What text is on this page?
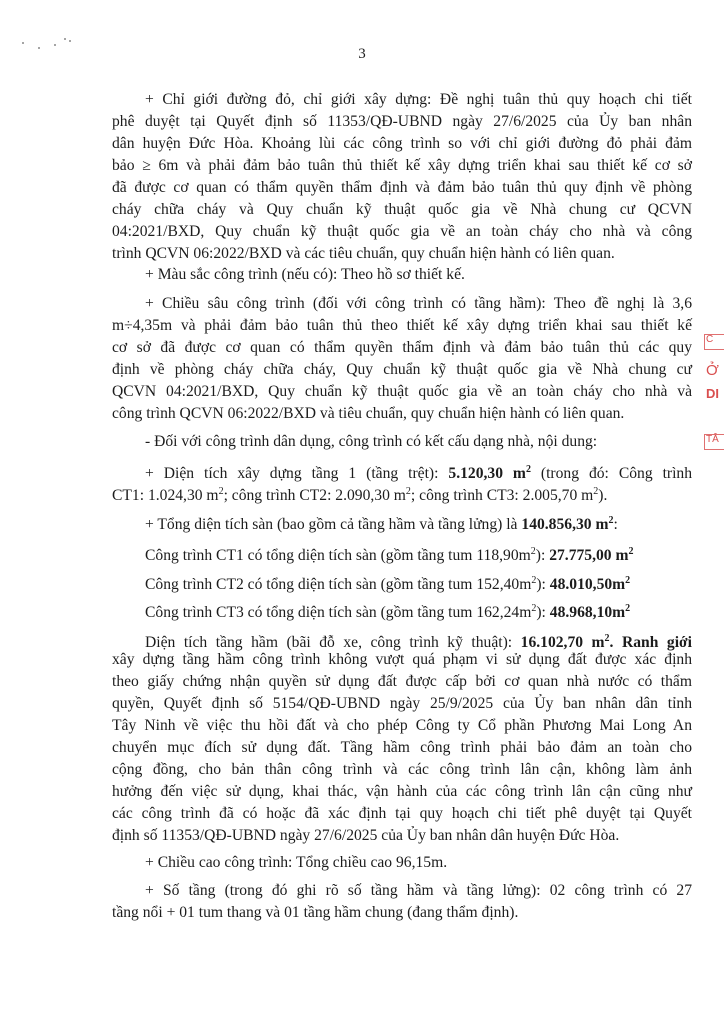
3
+ Chỉ giới đường đỏ, chỉ giới xây dựng: Đề nghị tuân thủ quy hoạch chi tiết
phê duyệt tại Quyết định số 11353/QĐ-UBND ngày 27/6/2025 của Ủy ban nhân
dân huyện Đức Hòa. Khoảng lùi các công trình so với chỉ giới đường đỏ phải đảm
bảo ≥ 6m và phải đảm bảo tuân thủ thiết kế xây dựng triển khai sau thiết kế cơ sở
đã được cơ quan có thẩm quyền thẩm định và đảm bảo tuân thủ quy định về phòng
cháy chữa cháy và Quy chuẩn kỹ thuật quốc gia về Nhà chung cư QCVN
04:2021/BXD, Quy chuẩn kỹ thuật quốc gia về an toàn cháy cho nhà và công
trình QCVN 06:2022/BXD và các tiêu chuẩn, quy chuẩn hiện hành có liên quan.
+ Màu sắc công trình (nếu có): Theo hồ sơ thiết kế.
+ Chiều sâu công trình (đối với công trình có tầng hầm): Theo đề nghị là 3,6
m÷4,35m và phải đảm bảo tuân thủ theo thiết kế xây dựng triển khai sau thiết kế
cơ sở đã được cơ quan có thẩm quyền thẩm định và đảm bảo tuân thủ các quy
định về phòng cháy chữa cháy, Quy chuẩn kỹ thuật quốc gia về Nhà chung cư
QCVN 04:2021/BXD, Quy chuẩn kỹ thuật quốc gia về an toàn cháy cho nhà và
công trình QCVN 06:2022/BXD và tiêu chuẩn, quy chuẩn hiện hành có liên quan.
- Đối với công trình dân dụng, công trình có kết cấu dạng nhà, nội dung:
+ Diện tích xây dựng tầng 1 (tầng trệt): 5.120,30 $m^2$ (trong đó: Công trình
CT1: 1.024,30 $m^2$; công trình CT2: 2.090,30 $m^2$; công trình CT3: 2.005,70 $m^2$).
+ Tổng diện tích sàn (bao gồm cả tầng hầm và tầng lửng) là 140.856,30 $m^2$:
Công trình CT1 có tổng diện tích sàn (gồm tầng tum $118,90m^2$): 27.775,00 $m^2$
Công trình CT2 có tổng diện tích sàn (gồm tầng tum $152,40m^2$): $48.010,50m^2$
Công trình CT3 có tổng diện tích sàn (gồm tầng tum $162,24m^2$): $48.968,10m^2$
Diện tích tầng hầm (bãi đỗ xe, công trình kỹ thuật): 16.102,70 $m^2$. Ranh giới
xây dựng tầng hầm công trình không vượt quá phạm vi sử dụng đất được xác định
theo giấy chứng nhận quyền sử dụng đất được cấp bởi cơ quan nhà nước có thẩm
quyền, Quyết định số 5154/QĐ-UBND ngày 25/9/2025 của Ủy ban nhân dân tỉnh
Tây Ninh về việc thu hồi đất và cho phép Công ty Cổ phần Phương Mai Long An
chuyển mục đích sử dụng đất. Tầng hầm công trình phải bảo đảm an toàn cho
cộng đồng, cho bản thân công trình và các công trình lân cận, không làm ảnh
hưởng đến việc sử dụng, khai thác, vận hành của các công trình lân cận cũng như
các công trình đã có hoặc đã xác định tại quy hoạch chi tiết phê duyệt tại Quyết
định số 11353/QĐ-UBND ngày 27/6/2025 của Ủy ban nhân dân huyện Đức Hòa.
+ Chiều cao công trình: Tổng chiều cao 96,15m.
+ Số tầng (trong đó ghi rõ số tầng hầm và tầng lửng): 02 công trình có 27
tầng nổi + 01 tum thang và 01 tầng hầm chung (đang thẩm định).
C
Ở
DI
TÂ
